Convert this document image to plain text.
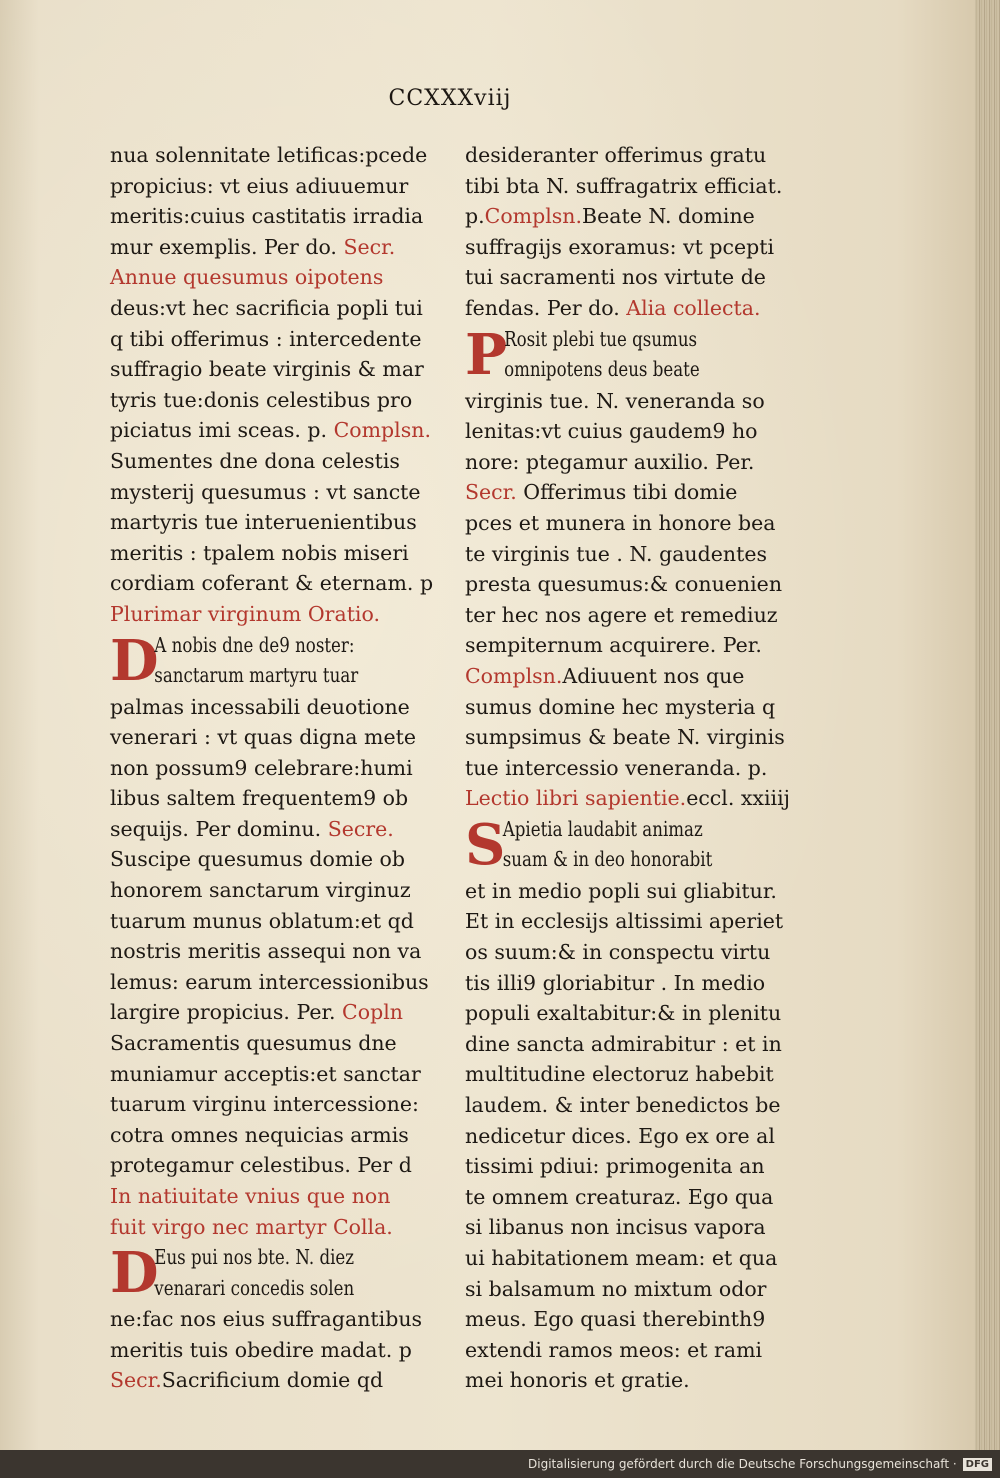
CCXXXviij
nua solennitate letificas:pcede
propicius: vt eius adiuuemur
meritis:cuius castitatis irradia
mur exemplis. Per do. Secr.
Annue quesumus oipotens
deus:vt hec sacrificia popli tui
q tibi offerimus : intercedente
suffragio beate virginis & mar
tyris tue:donis celestibus pro
piciatus imi sceas. p. Complsn.
Sumentes dne dona celestis
mysterij quesumus : vt sancte
martyris tue interuenientibus
meritis : tpalem nobis miseri
cordiam coferant & eternam. p
Plurimar virginum Oratio.
D
A nobis dne de9 noster:
sanctarum martyru tuar
palmas incessabili deuotione
venerari : vt quas digna mete
non possum9 celebrare:humi
libus saltem frequentem9 ob
sequijs. Per dominu. Secre.
Suscipe quesumus domie ob
honorem sanctarum virginuz
tuarum munus oblatum:et qd
nostris meritis assequi non va
lemus: earum intercessionibus
largire propicius. Per. Copln
Sacramentis quesumus dne
muniamur acceptis:et sanctar
tuarum virginu intercessione:
cotra omnes nequicias armis
protegamur celestibus. Per d
In natiuitate vnius que non
fuit virgo nec martyr Colla.
D
Eus pui nos bte. N. diez
venarari concedis solen
ne:fac nos eius suffragantibus
meritis tuis obedire madat. p
Secr.Sacrificium domie qd
desideranter offerimus gratu
tibi bta N. suffragatrix efficiat.
p.Complsn.Beate N. domine
suffragijs exoramus: vt pcepti
tui sacramenti nos virtute de
fendas. Per do. Alia collecta.
P
Rosit plebi tue qsumus
omnipotens deus beate
virginis tue. N. veneranda so
lenitas:vt cuius gaudem9 ho
nore: ptegamur auxilio. Per.
Secr. Offerimus tibi domie
pces et munera in honore bea
te virginis tue . N. gaudentes
presta quesumus:& conuenien
ter hec nos agere et remediuz
sempiternum acquirere. Per.
Complsn.Adiuuent nos que
sumus domine hec mysteria q
sumpsimus & beate N. virginis
tue intercessio veneranda. p.
Lectio libri sapientie.eccl. xxiiij
S
Apietia laudabit animaz
suam & in deo honorabit
et in medio popli sui gliabitur.
Et in ecclesijs altissimi aperiet
os suum:& in conspectu virtu
tis illi9 gloriabitur . In medio
populi exaltabitur:& in plenitu
dine sancta admirabitur : et in
multitudine electoruz habebit
laudem. & inter benedictos be
nedicetur dices. Ego ex ore al
tissimi pdiui: primogenita an
te omnem creaturaz. Ego qua
si libanus non incisus vapora
ui habitationem meam: et qua
si balsamum no mixtum odor
meus. Ego quasi therebinth9
extendi ramos meos: et rami
mei honoris et gratie.
Digitalisierung gefördert durch die Deutsche Forschungsgemeinschaft · DFG
